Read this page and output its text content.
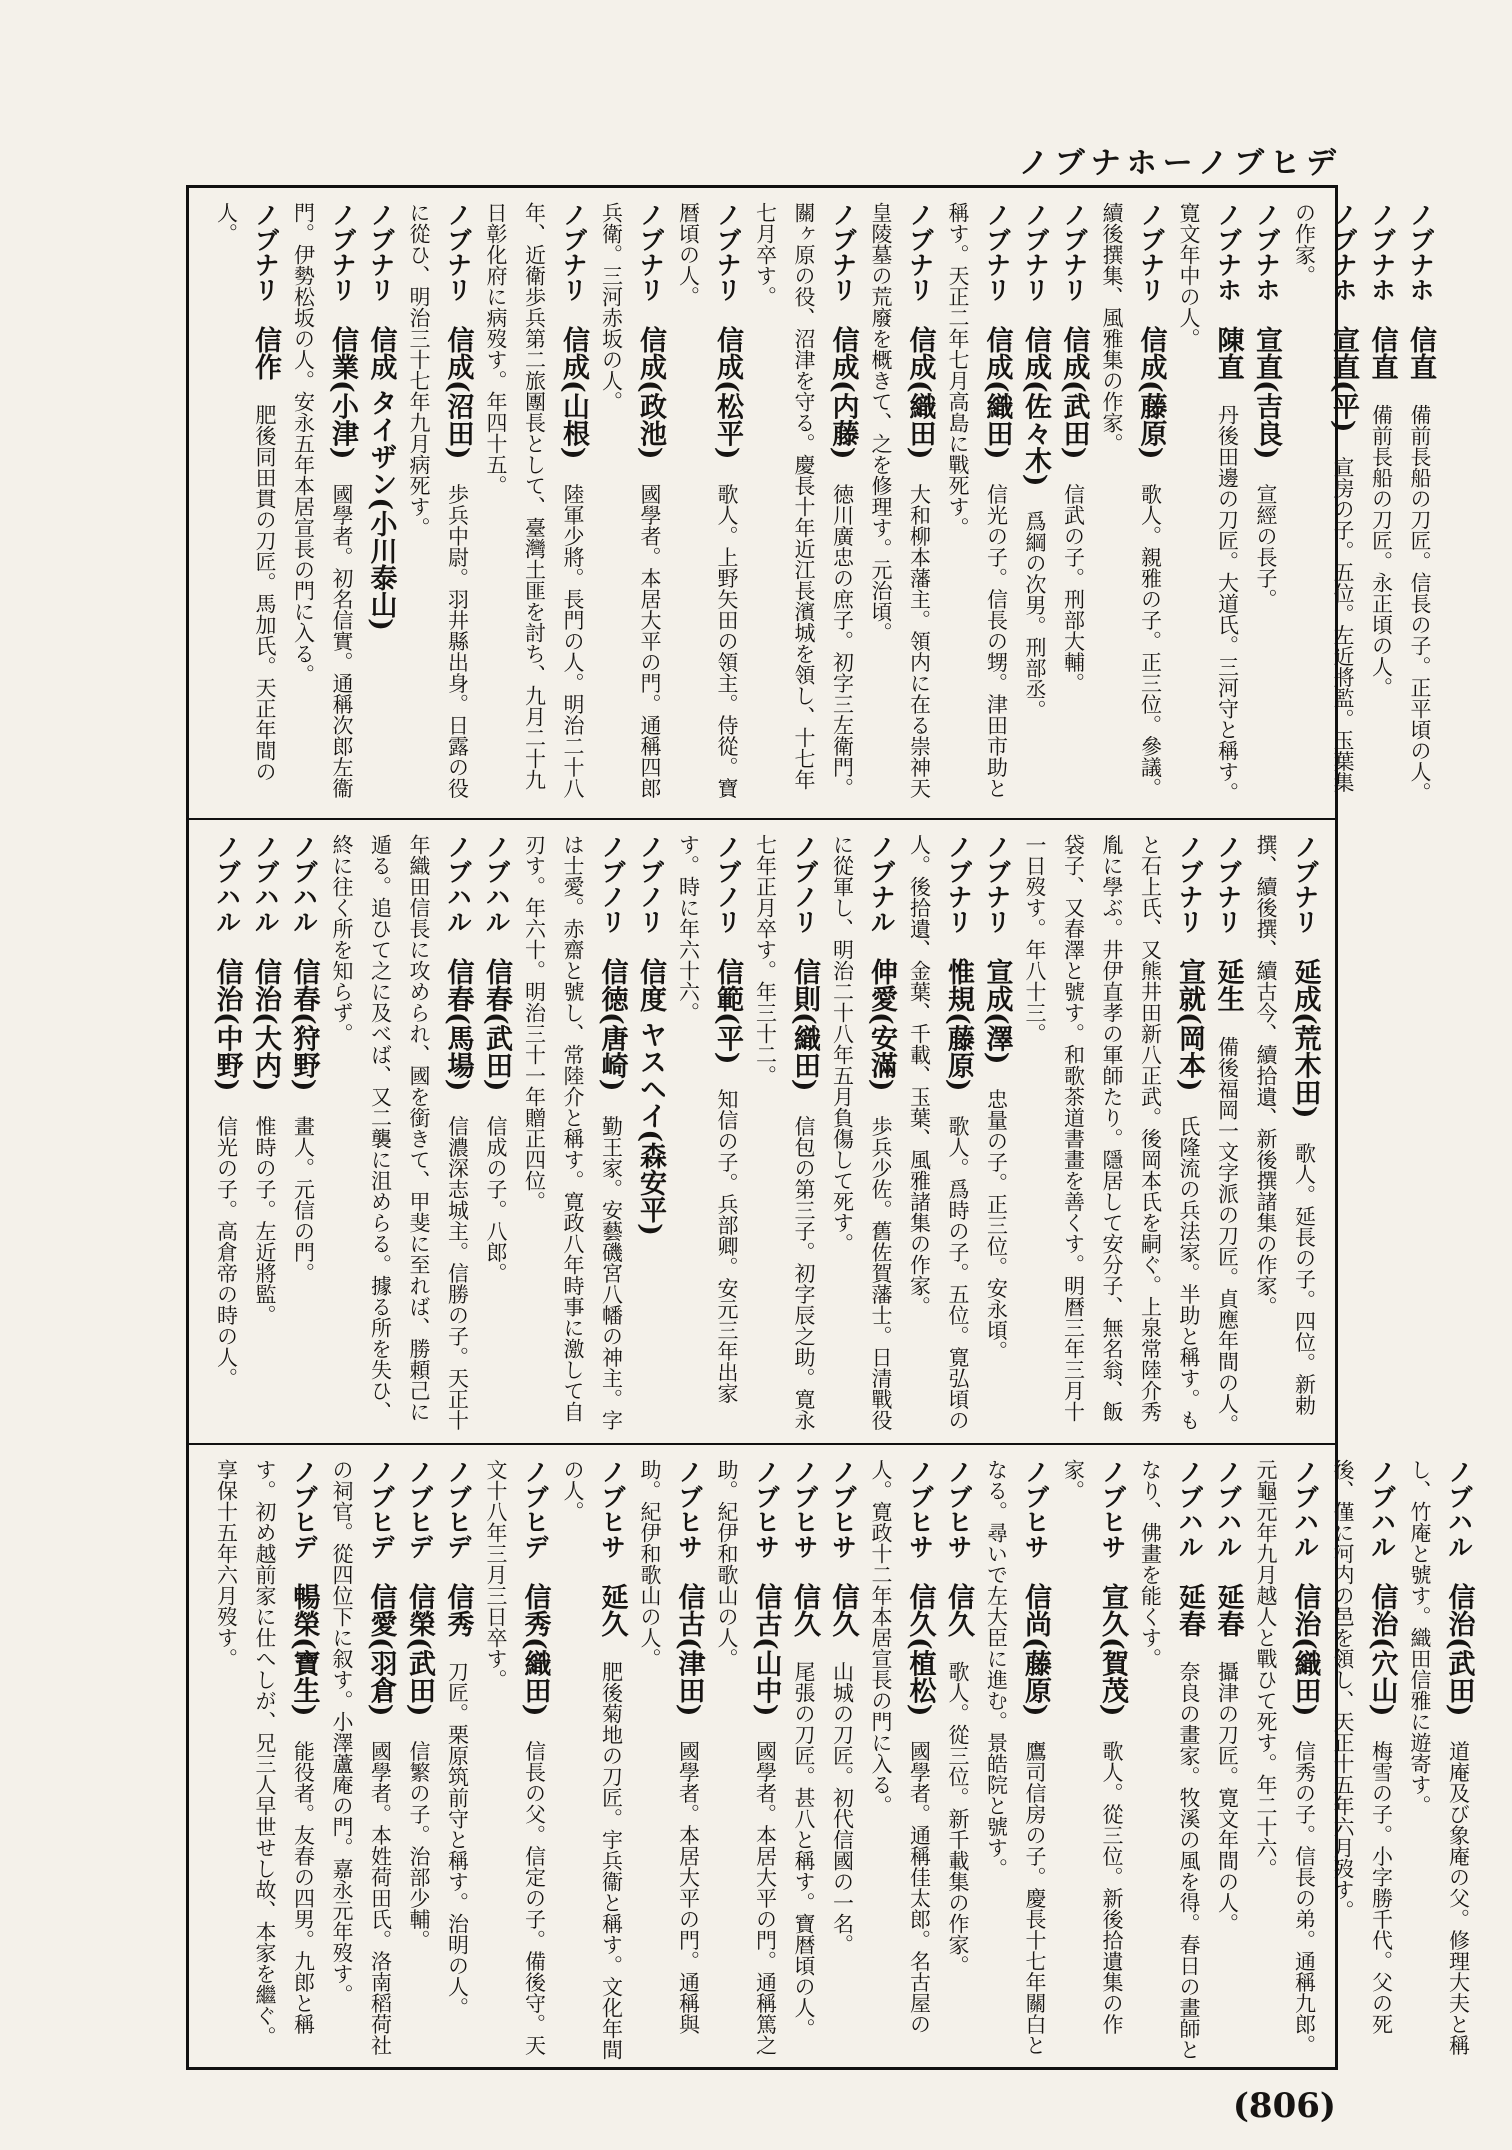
ノブナホーノブヒデ

ノブナホ　信直　備前長船の刀匠。信長の子。正平頃の人。

ノブナホ　信直　備前長船の刀匠。永正頃の人。

ノブナホ　宣直(平)　宣房の子。五位。左近將監。玉葉集の作家。

ノブナホ　宣直(吉良)　宣經の長子。

ノブナホ　陳直　丹後田邊の刀匠。大道氏。三河守と稱す。寛文年中の人。

ノブナリ　信成(藤原)　歌人。親雅の子。正三位。參議。續後撰集、風雅集の作家。

ノブナリ　信成(武田)　信武の子。刑部大輔。

ノブナリ　信成(佐々木)　爲綱の次男。刑部丞。

ノブナリ　信成(織田)　信光の子。信長の甥。津田市助と稱す。天正二年七月高島に戰死す。

ノブナリ　信成(織田)　大和柳本藩主。領内に在る崇神天皇陵墓の荒廢を概きて、之を修理す。元治頃。

ノブナリ　信成(内藤)　徳川廣忠の庶子。初字三左衛門。關ヶ原の役、沼津を守る。慶長十年近江長濱城を領し、十七年七月卒す。

ノブナリ　信成(松平)　歌人。上野矢田の領主。侍從。寶暦頃の人。

ノブナリ　信成(政池)　國學者。本居大平の門。通稱四郎兵衛。三河赤坂の人。

ノブナリ　信成(山根)　陸軍少將。長門の人。明治二十八年、近衛歩兵第二旅團長として、臺灣土匪を討ち、九月二十九日彰化府に病歿す。年四十五。

ノブナリ　信成(沼田)　歩兵中尉。羽井縣出身。日露の役に從ひ、明治三十七年九月病死す。

ノブナリ　信成 タイザン(小川泰山)　

ノブナリ　信業(小津)　國學者。初名信實。通稱次郎左衞門。伊勢松坂の人。安永五年本居宣長の門に入る。

ノブナリ　信作　肥後同田貫の刀匠。馬加氏。天正年間の人。

ノブナリ　延成(荒木田)　歌人。延長の子。四位。新勅撰、續後撰、續古今、續拾遺、新後撰諸集の作家。

ノブナリ　延生　備後福岡一文字派の刀匠。貞應年間の人。

ノブナリ　宣就(岡本)　氏隆流の兵法家。半助と稱す。もと石上氏、又熊井田新八正武。後岡本氏を嗣ぐ。上泉常陸介秀胤に學ぶ。井伊直孝の軍師たり。隱居して安分子、無名翁、飯袋子、又春澤と號す。和歌茶道書畫を善くす。明暦三年三月十一日歿す。年八十三。

ノブナリ　宣成(澤)　忠量の子。正三位。安永頃。

ノブナリ　惟規(藤原)　歌人。爲時の子。五位。寛弘頃の人。後拾遺、金葉、千載、玉葉、風雅諸集の作家。

ノブナル　伸愛(安滿)　歩兵少佐。舊佐賀藩士。日清戰役に從軍し、明治二十八年五月負傷して死す。

ノブノリ　信則(織田)　信包の第三子。初字辰之助。寛永七年正月卒す。年三十二。

ノブノリ　信範(平)　知信の子。兵部卿。安元三年出家す。時に年六十六。

ノブノリ　信度 ヤスヘイ(森安平)　

ノブノリ　信徳(唐崎)　勤王家。安藝磯宮八幡の神主。字は士愛。赤齋と號し、常陸介と稱す。寛政八年時事に激して自刃す。年六十。明治三十一年贈正四位。

ノブハル　信春(武田)　信成の子。八郎。

ノブハル　信春(馬場)　信濃深志城主。信勝の子。天正十年織田信長に攻められ、國を銜きて、甲斐に至れば、勝頼己に遁る。追ひて之に及べば、又二襲に沮めらる。據る所を失ひ、終に往く所を知らず。

ノブハル　信春(狩野)　畫人。元信の門。

ノブハル　信治(大内)　惟時の子。左近將監。

ノブハル　信治(中野)　信光の子。高倉帝の時の人。

ノブハル　信治(武田)　道庵及び象庵の父。修理大夫と稱し、竹庵と號す。織田信雅に遊寄す。

ノブハル　信治(穴山)　梅雪の子。小字勝千代。父の死後、僅に河内の邑を領し、天正十五年六月歿す。

ノブハル　信治(織田)　信秀の子。信長の弟。通稱九郎。元龜元年九月越人と戰ひて死す。年二十六。

ノブハル　延春　攝津の刀匠。寛文年間の人。

ノブハル　延春　奈良の畫家。牧溪の風を得。春日の畫師となり、佛畫を能くす。

ノブヒサ　宣久(賀茂)　歌人。從三位。新後拾遺集の作家。

ノブヒサ　信尚(藤原)　鷹司信房の子。慶長十七年關白となる。尋いで左大臣に進む。景皓院と號す。

ノブヒサ　信久　歌人。從三位。新千載集の作家。

ノブヒサ　信久(植松)　國學者。通稱佳太郎。名古屋の人。寛政十二年本居宣長の門に入る。

ノブヒサ　信久　山城の刀匠。初代信國の一名。

ノブヒサ　信久　尾張の刀匠。甚八と稱す。寶暦頃の人。

ノブヒサ　信古(山中)　國學者。本居大平の門。通稱篤之助。紀伊和歌山の人。

ノブヒサ　信古(津田)　國學者。本居大平の門。通稱與助。紀伊和歌山の人。

ノブヒサ　延久　肥後菊地の刀匠。宇兵衞と稱す。文化年間の人。

ノブヒデ　信秀(織田)　信長の父。信定の子。備後守。天文十八年三月三日卒す。

ノブヒデ　信秀　刀匠。栗原筑前守と稱す。治明の人。

ノブヒデ　信榮(武田)　信繁の子。治部少輔。

ノブヒデ　信愛(羽倉)　國學者。本姓荷田氏。洛南稻荷社の祠官。從四位下に叙す。小澤蘆庵の門。嘉永元年歿す。

ノブヒデ　暢榮(寶生)　能役者。友春の四男。九郎と稱す。初め越前家に仕へしが、兄三人早世せし故、本家を繼ぐ。享保十五年六月歿す。

(806)
